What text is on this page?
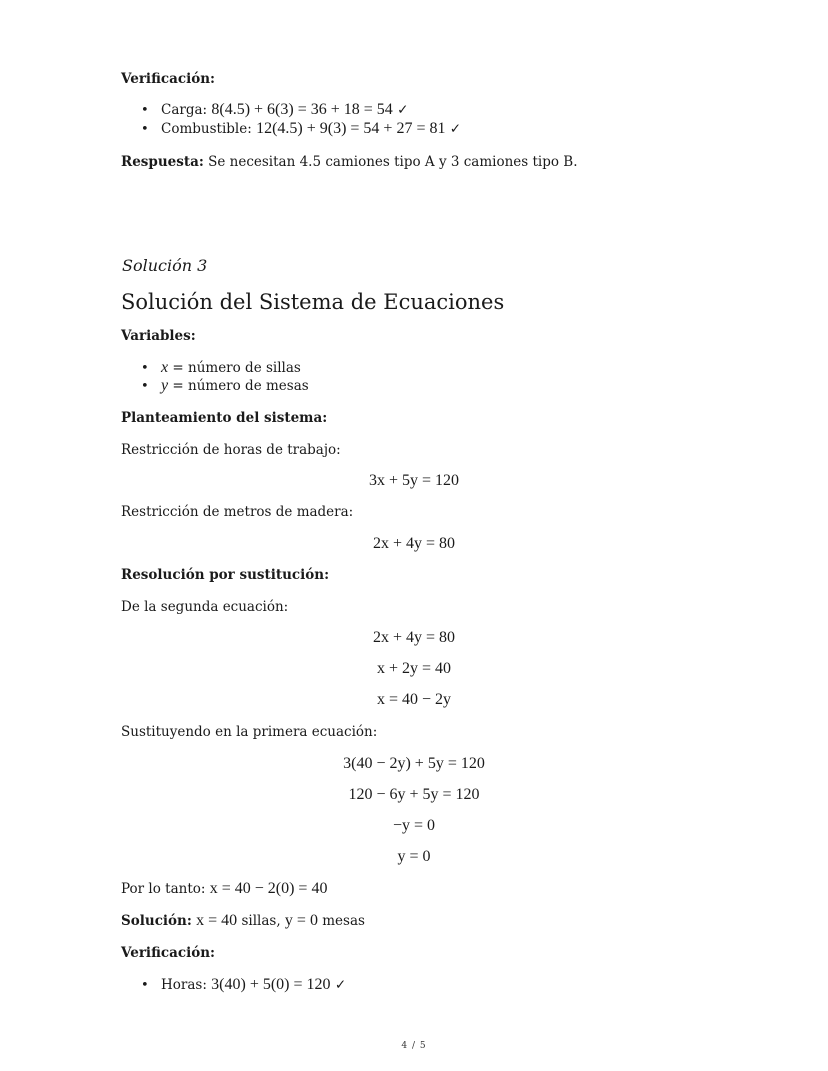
Verificación:
• Carga: 8(4.5) + 6(3) = 36 + 18 = 54 ✓
• Combustible: 12(4.5) + 9(3) = 54 + 27 = 81 ✓
Respuesta: Se necesitan 4.5 camiones tipo A y 3 camiones tipo B.
Solución 3
Solución del Sistema de Ecuaciones
Variables:
• x = número de sillas
• y = número de mesas
Planteamiento del sistema:
Restricción de horas de trabajo:
3x + 5y = 120
Restricción de metros de madera:
2x + 4y = 80
Resolución por sustitución:
De la segunda ecuación:
2x + 4y = 80
x + 2y = 40
x = 40 − 2y
Sustituyendo en la primera ecuación:
3(40 − 2y) + 5y = 120
120 − 6y + 5y = 120
−y = 0
y = 0
Por lo tanto: x = 40 − 2(0) = 40
Solución: x = 40 sillas, y = 0 mesas
Verificación:
• Horas: 3(40) + 5(0) = 120 ✓
4 / 5
